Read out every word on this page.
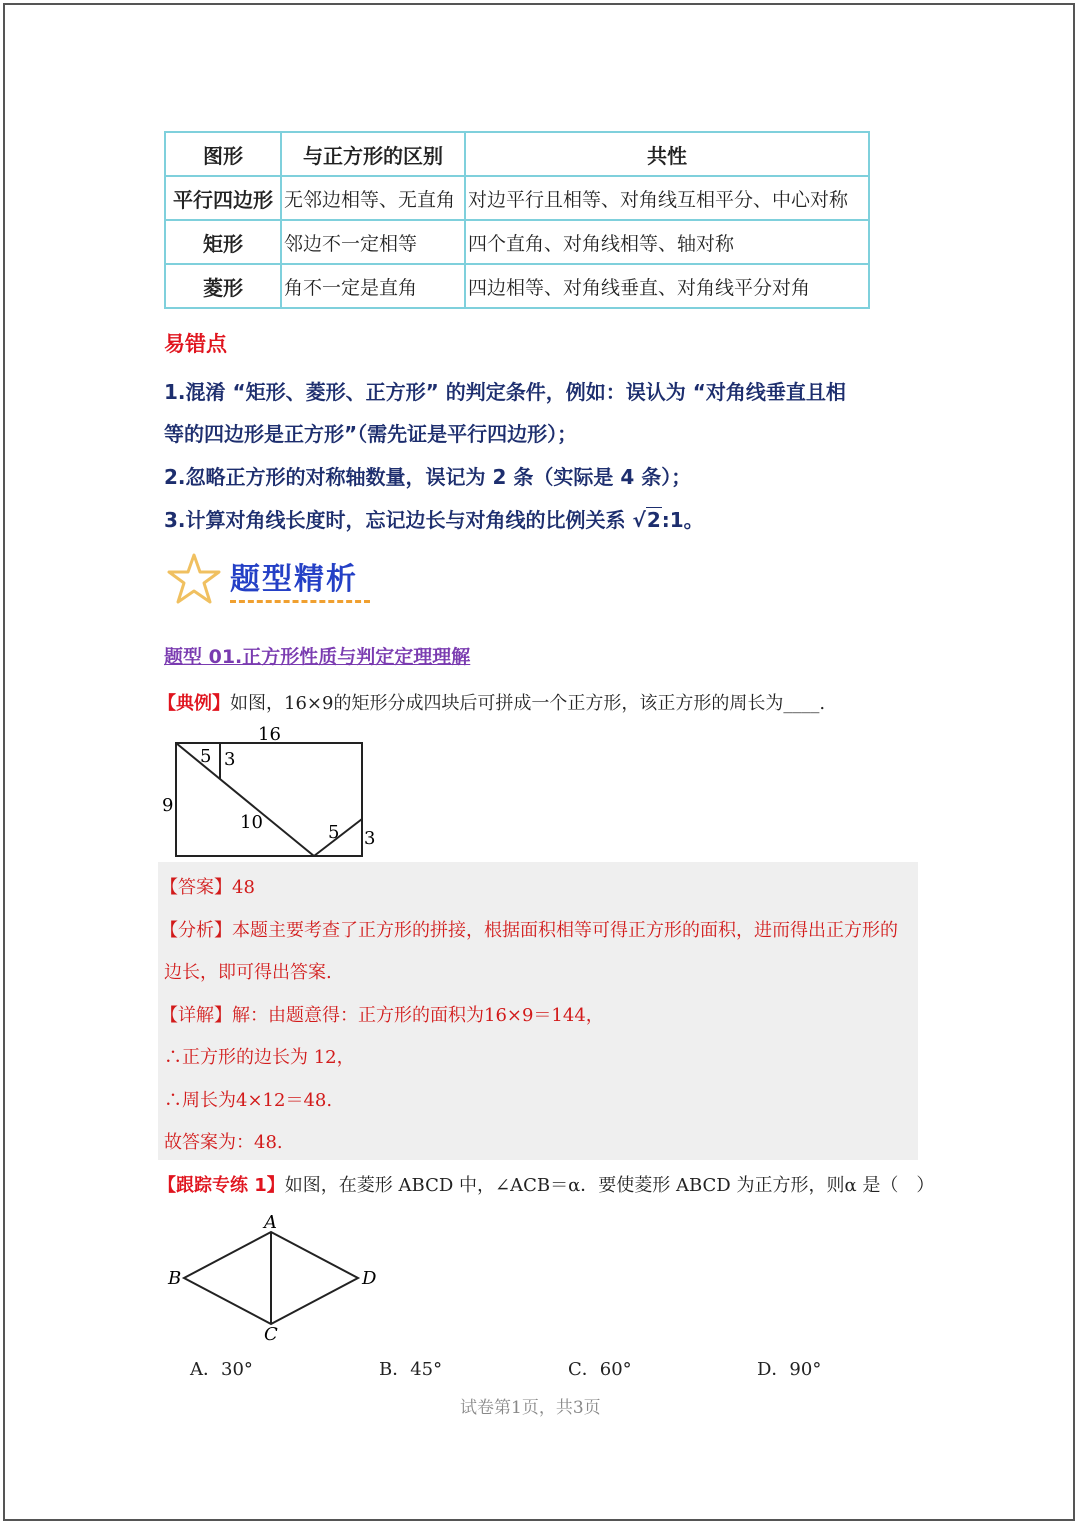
图形	与正方形的区别	共性
平行四边形	无邻边相等、无直角	对边平行且相等、对角线互相平分、中心对称
矩形	邻边不一定相等	四个直角、对角线相等、轴对称
菱形	角不一定是直角	四边相等、对角线垂直、对角线平分对角
易错点
1.混淆 “矩形、菱形、正方形” 的判定条件，例如：误认为 “对角线垂直且相
等的四边形是正方形”（需先证是平行四边形）；
2.忽略正方形的对称轴数量，误记为 2 条（实际是 4 条）；
3.计算对角线长度时，忘记边长与对角线的比例关系 √2:1。
题型精析
题型 01.正方形性质与判定定理理解
【典例】如图，16×9的矩形分成四块后可拼成一个正方形，该正方形的周长为____.
16
9
5 3
10	5 3
【答案】48
【分析】本题主要考查了正方形的拼接，根据面积相等可得正方形的面积，进而得出正方形的
边长，即可得出答案.
【详解】解：由题意得：正方形的面积为16×9＝144，
∴正方形的边长为 12，
∴周长为4×12＝48.
故答案为：48.
【跟踪专练 1】如图，在菱形 ABCD 中，∠ACB＝α．要使菱形 ABCD 为正方形，则α 是（　）
A
B
C
D
A．30°	B．45°	C．60°	D．90°
试卷第1页，共3页
